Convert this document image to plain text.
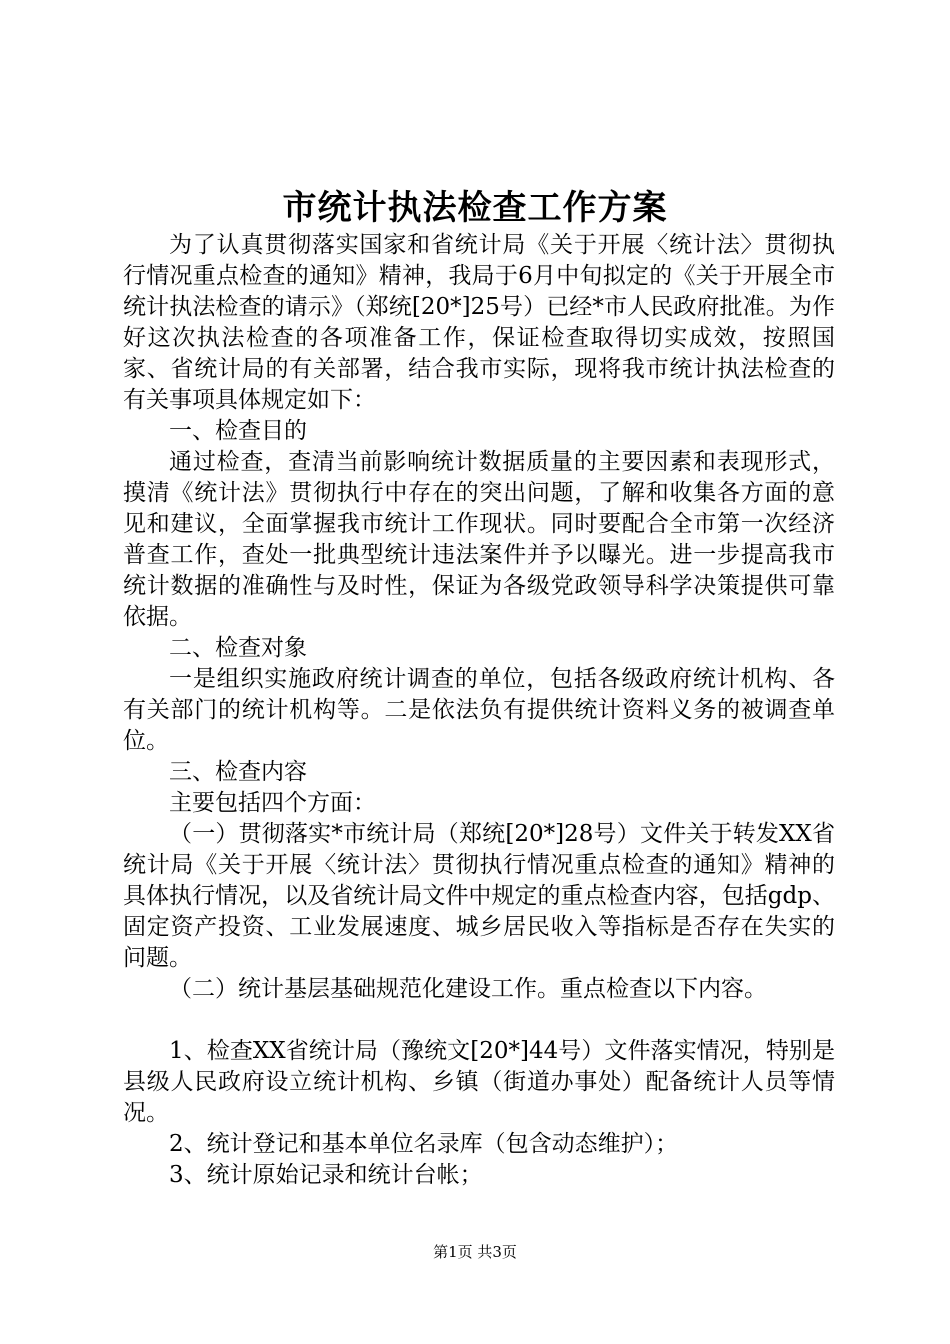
市统计执法检查工作方案

为了认真贯彻落实国家和省统计局《关于开展〈统计法〉贯彻执行情况重点检查的通知》精神，我局于6月中旬拟定的《关于开展全市统计执法检查的请示》（郑统[20*]25号）已经*市人民政府批准。为作好这次执法检查的各项准备工作，保证检查取得切实成效，按照国家、省统计局的有关部署，结合我市实际，现将我市统计执法检查的有关事项具体规定如下：

一、检查目的

通过检查，查清当前影响统计数据质量的主要因素和表现形式，摸清《统计法》贯彻执行中存在的突出问题，了解和收集各方面的意见和建议，全面掌握我市统计工作现状。同时要配合全市第一次经济普查工作，查处一批典型统计违法案件并予以曝光。进一步提高我市统计数据的准确性与及时性，保证为各级党政领导科学决策提供可靠依据。

二、检查对象

一是组织实施政府统计调查的单位，包括各级政府统计机构、各有关部门的统计机构等。二是依法负有提供统计资料义务的被调查单位。

三、检查内容

主要包括四个方面：

（一）贯彻落实*市统计局（郑统[20*]28号）文件关于转发XX省统计局《关于开展〈统计法〉贯彻执行情况重点检查的通知》精神的具体执行情况，以及省统计局文件中规定的重点检查内容，包括gdp、固定资产投资、工业发展速度、城乡居民收入等指标是否存在失实的问题。

（二）统计基层基础规范化建设工作。重点检查以下内容。

1、检查XX省统计局（豫统文[20*]44号）文件落实情况，特别是县级人民政府设立统计机构、乡镇（街道办事处）配备统计人员等情况。

2、统计登记和基本单位名录库（包含动态维护）；

3、统计原始记录和统计台帐；

第1页 共3页
